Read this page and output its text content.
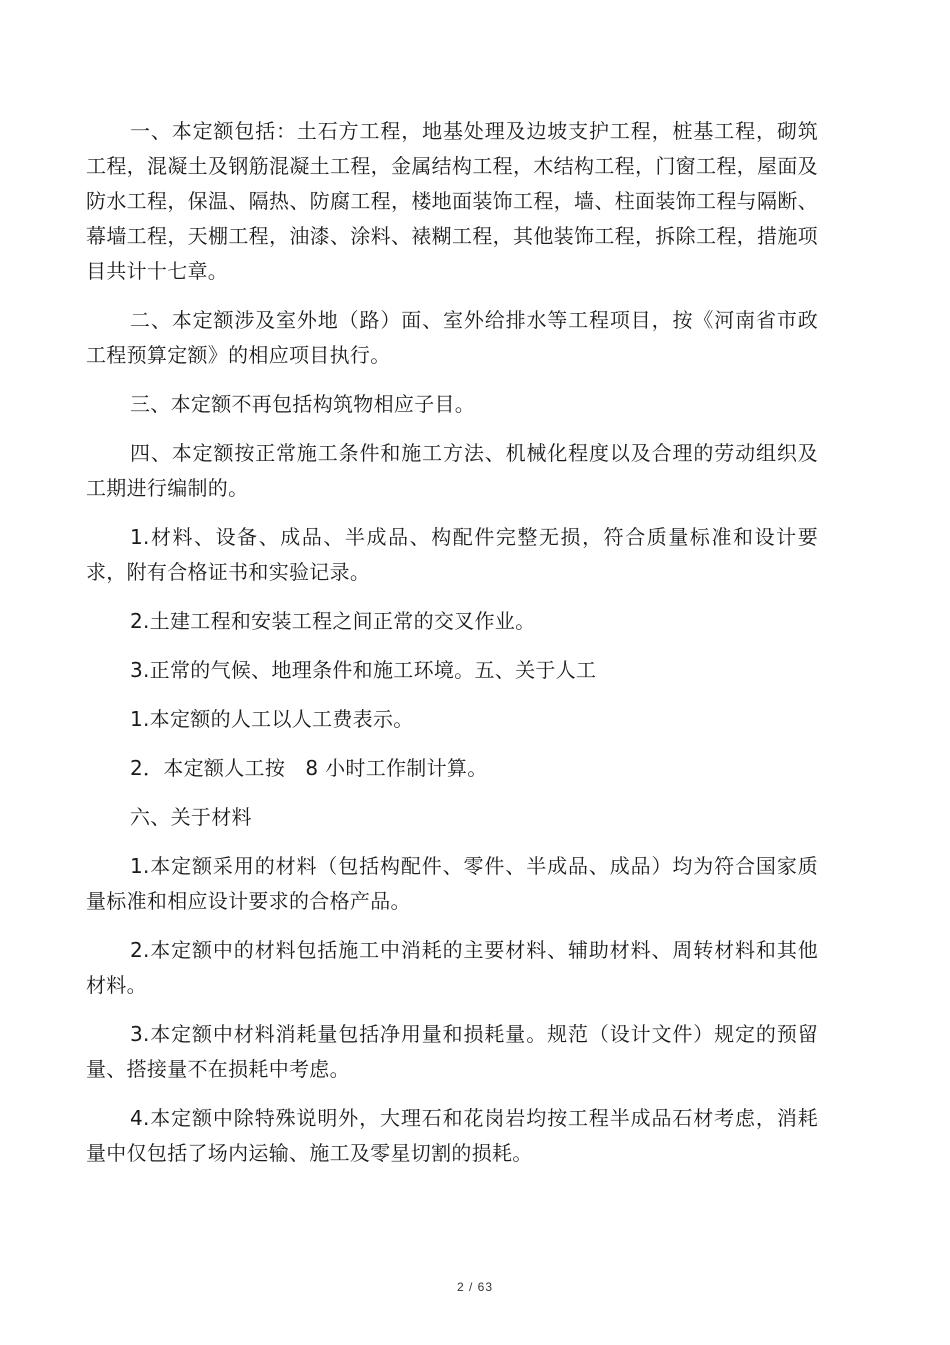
一、本定额包括：土石方工程，地基处理及边坡支护工程，桩基工程，砌筑工程，混凝土及钢筋混凝土工程，金属结构工程，木结构工程，门窗工程，屋面及防水工程，保温、隔热、防腐工程，楼地面装饰工程，墙、柱面装饰工程与隔断、幕墙工程，天棚工程，油漆、涂料、裱糊工程，其他装饰工程，拆除工程，措施项目共计十七章。

二、本定额涉及室外地（路）面、室外给排水等工程项目，按《河南省市政工程预算定额》的相应项目执行。

三、本定额不再包括构筑物相应子目。

四、本定额按正常施工条件和施工方法、机械化程度以及合理的劳动组织及工期进行编制的。

1.材料、设备、成品、半成品、构配件完整无损，符合质量标准和设计要求，附有合格证书和实验记录。

2.土建工程和安装工程之间正常的交叉作业。

3.正常的气候、地理条件和施工环境。五、关于人工

1.本定额的人工以人工费表示。

2．本定额人工按　8 小时工作制计算。

六、关于材料

1.本定额采用的材料（包括构配件、零件、半成品、成品）均为符合国家质量标准和相应设计要求的合格产品。

2.本定额中的材料包括施工中消耗的主要材料、辅助材料、周转材料和其他材料。

3.本定额中材料消耗量包括净用量和损耗量。规范（设计文件）规定的预留量、搭接量不在损耗中考虑。

4.本定额中除特殊说明外，大理石和花岗岩均按工程半成品石材考虑，消耗量中仅包括了场内运输、施工及零星切割的损耗。

2 / 63
